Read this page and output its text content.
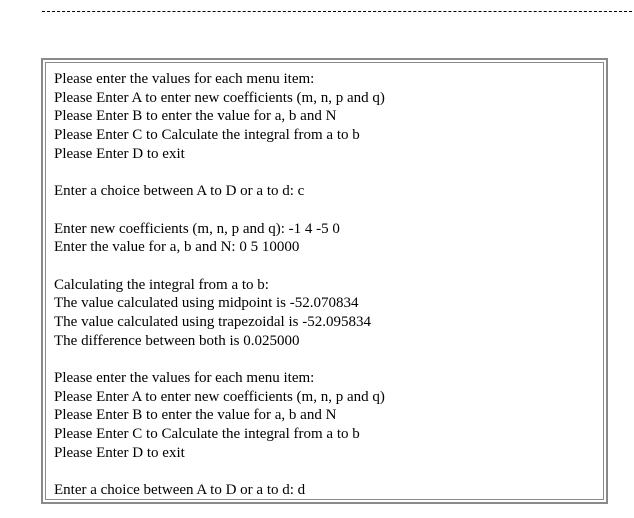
Please enter the values for each menu item:
Please Enter A to enter new coefficients (m, n, p and q)
Please Enter B to enter the value for a, b and N
Please Enter C to Calculate the integral from a to b
Please Enter D to exit
Enter a choice between A to D or a to d: c
Enter new coefficients (m, n, p and q): -1 4 -5 0
Enter the value for a, b and N: 0 5 10000
Calculating the integral from a to b:
The value calculated using midpoint is -52.070834
The value calculated using trapezoidal is -52.095834
The difference between both is 0.025000
Please enter the values for each menu item:
Please Enter A to enter new coefficients (m, n, p and q)
Please Enter B to enter the value for a, b and N
Please Enter C to Calculate the integral from a to b
Please Enter D to exit
Enter a choice between A to D or a to d: d
